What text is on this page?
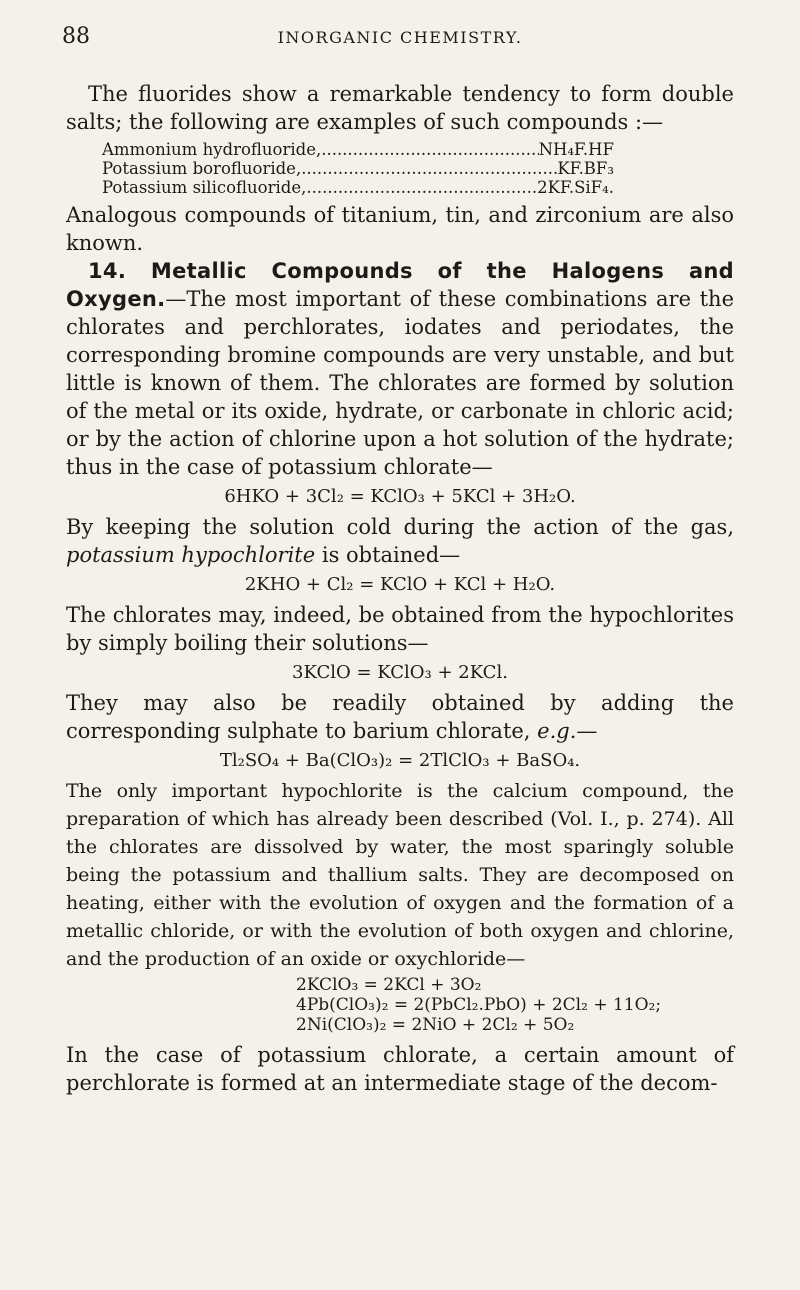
88	INORGANIC CHEMISTRY.

The fluorides show a remarkable tendency to form double salts; the following are examples of such compounds :—

Ammonium hydrofluoride, .....	NH₄F.HF
Potassium borofluoride, .....	KF.BF₃
Potassium silicofluoride, .....	2KF.SiF₄.

Analogous compounds of titanium, tin, and zirconium are also known.

14. Metallic Compounds of the Halogens and Oxygen.—The most important of these combinations are the chlorates and perchlorates, iodates and periodates, the corresponding bromine compounds are very unstable, and but little is known of them. The chlorates are formed by solution of the metal or its oxide, hydrate, or carbonate in chloric acid; or by the action of chlorine upon a hot solution of the hydrate; thus in the case of potassium chlorate—

6HKO + 3Cl₂ = KClO₃ + 5KCl + 3H₂O.

By keeping the solution cold during the action of the gas, potassium hypochlorite is obtained—

2KHO + Cl₂ = KClO + KCl + H₂O.

The chlorates may, indeed, be obtained from the hypochlorites by simply boiling their solutions—

3KClO = KClO₃ + 2KCl.

They may also be readily obtained by adding the corresponding sulphate to barium chlorate, e.g.—

Tl₂SO₄ + Ba(ClO₃)₂ = 2TlClO₃ + BaSO₄.

The only important hypochlorite is the calcium compound, the preparation of which has already been described (Vol. I., p. 274). All the chlorates are dissolved by water, the most sparingly soluble being the potassium and thallium salts. They are decomposed on heating, either with the evolution of oxygen and the formation of a metallic chloride, or with the evolution of both oxygen and chlorine, and the production of an oxide or oxychloride—

2KClO₃ = 2KCl + 3O₂
4Pb(ClO₃)₂ = 2(PbCl₂.PbO) + 2Cl₂ + 11O₂;
2Ni(ClO₃)₂ = 2NiO + 2Cl₂ + 5O₂

In the case of potassium chlorate, a certain amount of perchlorate is formed at an intermediate stage of the decom-
